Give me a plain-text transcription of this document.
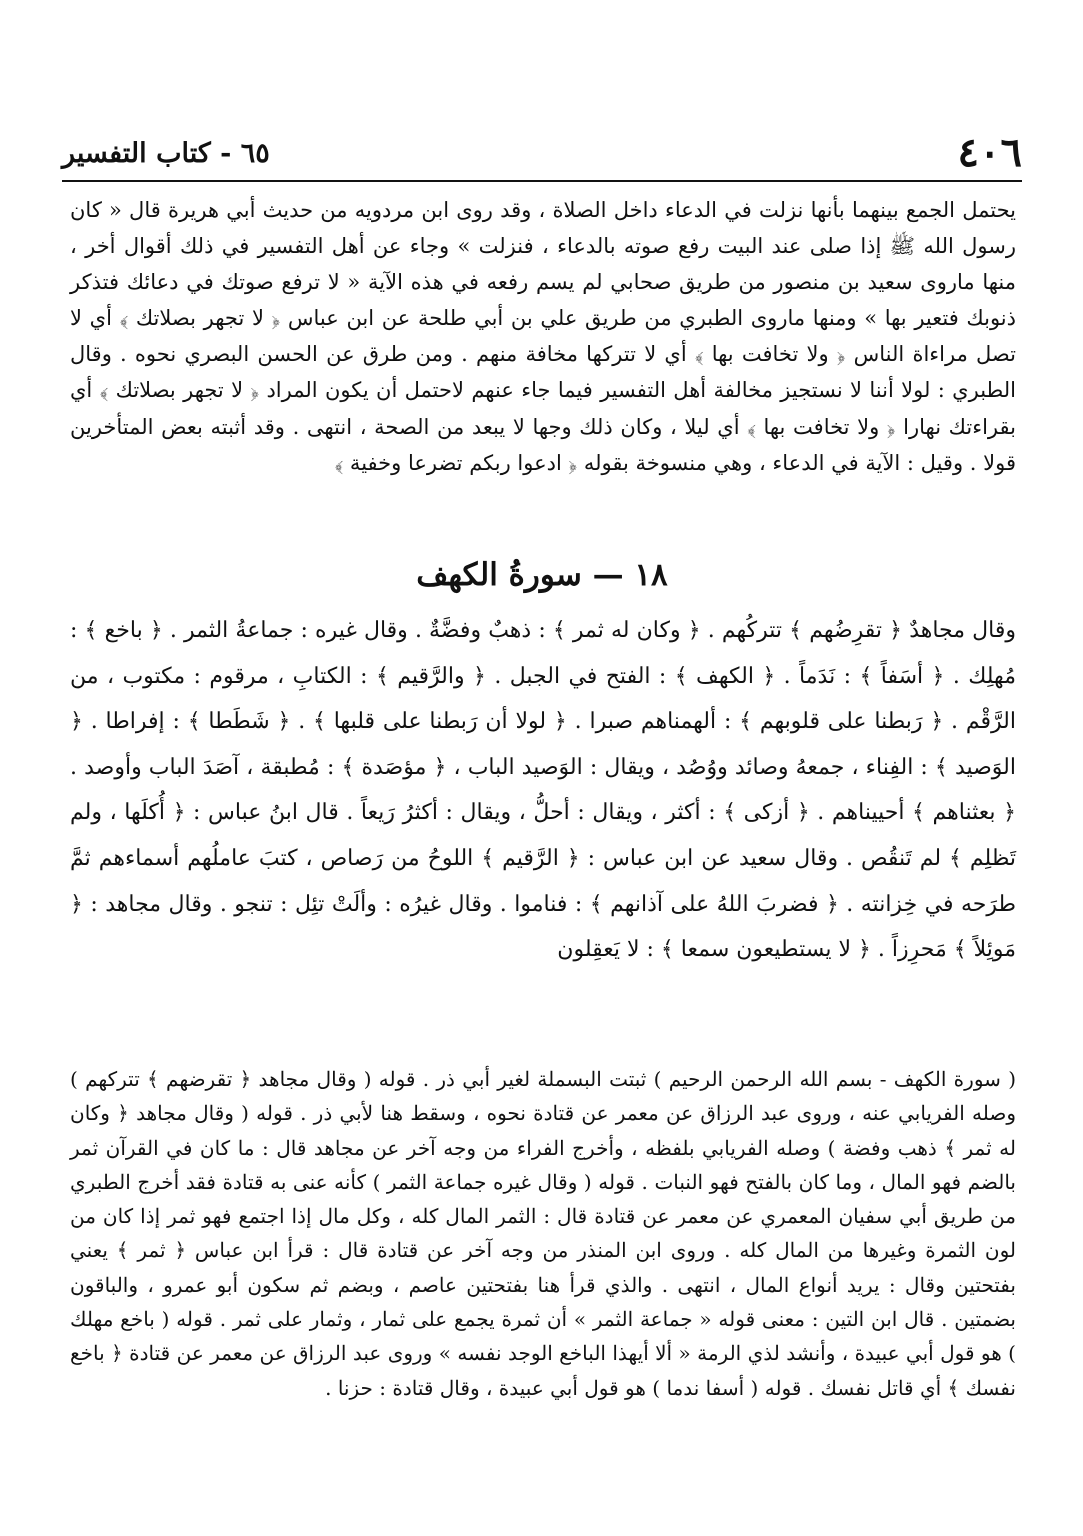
٤٠٦
٦٥ - كتاب التفسير

يحتمل الجمع بينهما بأنها نزلت في الدعاء داخل الصلاة ، وقد روى ابن مردويه من حديث أبي هريرة قال « كان رسول الله ﷺ إذا صلى عند البيت رفع صوته بالدعاء ، فنزلت » وجاء عن أهل التفسير في ذلك أقوال أخر ، منها ماروى سعيد بن منصور من طريق صحابي لم يسم رفعه في هذه الآية « لا ترفع صوتك في دعائك فتذكر ذنوبك فتعير بها » ومنها ماروى الطبري من طريق علي بن أبي طلحة عن ابن عباس ﴿ لا تجهر بصلاتك ﴾ أي لا تصل مراءاة الناس ﴿ ولا تخافت بها ﴾ أي لا تتركها مخافة منهم . ومن طرق عن الحسن البصري نحوه . وقال الطبري : لولا أننا لا نستجيز مخالفة أهل التفسير فيما جاء عنهم لاحتمل أن يكون المراد ﴿ لا تجهر بصلاتك ﴾ أي بقراءتك نهارا ﴿ ولا تخافت بها ﴾ أي ليلا ، وكان ذلك وجها لا يبعد من الصحة ، انتهى . وقد أثبته بعض المتأخرين قولا . وقيل : الآية في الدعاء ، وهي منسوخة بقوله ﴿ ادعوا ربكم تضرعا وخفية ﴾

١٨ — سورةُ الكهف

وقال مجاهدٌ ﴿ تقرِضُهم ﴾ تتركُهم . ﴿ وكان له ثمر ﴾ : ذهبٌ وفضَّةٌ . وقال غيره : جماعةُ الثمر . ﴿ باخع ﴾ : مُهلِك . ﴿ أسَفاً ﴾ : نَدَماً . ﴿ الكهف ﴾ : الفتح في الجبل . ﴿ والرَّقيم ﴾ : الكتابِ ، مرقوم : مكتوب ، من الرَّقْم . ﴿ رَبطنا على قلوبهم ﴾ : ألهمناهم صبرا . ﴿ لولا أن رَبطنا على قلبها ﴾ . ﴿ شَطَطا ﴾ : إفراطا . ﴿ الوَصيد ﴾ : الفِناء ، جمعهُ وصائد ووُصُد ، ويقال : الوَصيد الباب ، ﴿ مؤصَدة ﴾ : مُطبقة ، آصَدَ الباب وأوصد . ﴿ بعثناهم ﴾ أحييناهم . ﴿ أزكى ﴾ : أكثر ، ويقال : أحلُّ ، ويقال : أكثرُ رَيعاً . قال ابنُ عباس : ﴿ أُكلَها ، ولم تَظلِم ﴾ لم تَنقُص . وقال سعيد عن ابن عباس : ﴿ الرَّقيم ﴾ اللوحُ من رَصاص ، كتبَ عاملُهم أسماءهم ثمَّ طرَحه في خِزانته . ﴿ فضربَ اللهُ على آذانهم ﴾ : فناموا . وقال غيرُه : وألَتْ تئِل : تنجو . وقال مجاهد : ﴿ مَوئِلاً ﴾ مَحرِزاً . ﴿ لا يستطيعون سمعا ﴾ : لا يَعقِلون

( سورة الكهف - بسم الله الرحمن الرحيم ) ثبتت البسملة لغير أبي ذر . قوله ( وقال مجاهد ﴿ تقرضهم ﴾ تتركهم ) وصله الفريابي عنه ، وروى عبد الرزاق عن معمر عن قتادة نحوه ، وسقط هنا لأبي ذر . قوله ( وقال مجاهد ﴿ وكان له ثمر ﴾ ذهب وفضة ) وصله الفريابي بلفظه ، وأخرج الفراء من وجه آخر عن مجاهد قال : ما كان في القرآن ثمر بالضم فهو المال ، وما كان بالفتح فهو النبات . قوله ( وقال غيره جماعة الثمر ) كأنه عنى به قتادة فقد أخرج الطبري من طريق أبي سفيان المعمري عن معمر عن قتادة قال : الثمر المال كله ، وكل مال إذا اجتمع فهو ثمر إذا كان من لون الثمرة وغيرها من المال كله . وروى ابن المنذر من وجه آخر عن قتادة قال : قرأ ابن عباس ﴿ ثمر ﴾ يعني بفتحتين وقال : يريد أنواع المال ، انتهى . والذي قرأ هنا بفتحتين عاصم ، وبضم ثم سكون أبو عمرو ، والباقون بضمتين . قال ابن التين : معنى قوله « جماعة الثمر » أن ثمرة يجمع على ثمار ، وثمار على ثمر . قوله ( باخع مهلك ) هو قول أبي عبيدة ، وأنشد لذي الرمة « ألا أيهذا الباخع الوجد نفسه » وروى عبد الرزاق عن معمر عن قتادة ﴿ باخع نفسك ﴾ أي قاتل نفسك . قوله ( أسفا ندما ) هو قول أبي عبيدة ، وقال قتادة : حزنا .
